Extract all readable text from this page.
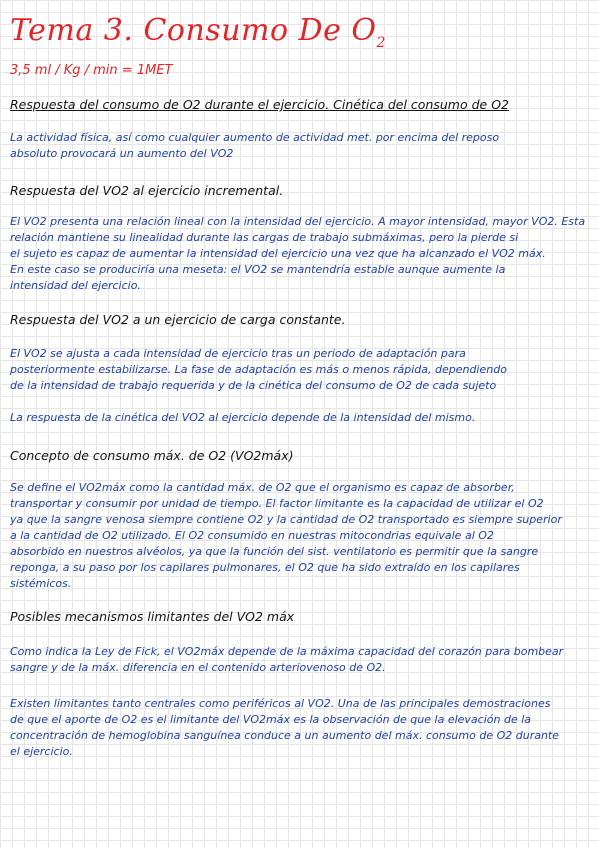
Tema 3. Consumo De $O_2$
3,5 ml / Kg / min = 1MET
Respuesta del consumo de O2 durante el ejercicio. Cinética del consumo de O2
La actividad física, así como cualquier aumento de actividad met. por encima del reposo
absoluto provocará un aumento del VO2
Respuesta del VO2 al ejercicio incremental.
El VO2 presenta una relación lineal con la intensidad del ejercicio. A mayor intensidad, mayor VO2. Esta
relación mantiene su linealidad durante las cargas de trabajo submáximas, pero la pierde si
el sujeto es capaz de aumentar la intensidad del ejercicio una vez que ha alcanzado el VO2 máx.
En este caso se produciría una meseta: el VO2 se mantendría estable aunque aumente la
intensidad del ejercicio.
Respuesta del VO2 a un ejercicio de carga constante.
El VO2 se ajusta a cada intensidad de ejercicio tras un periodo de adaptación para
posteriormente estabilizarse. La fase de adaptación es más o menos rápida, dependiendo
de la intensidad de trabajo requerida y de la cinética del consumo de O2 de cada sujeto
La respuesta de la cinética del VO2 al ejercicio depende de la intensidad del mismo.
Concepto de consumo máx. de O2 (VO2máx)
Se define el VO2máx como la cantidad máx. de O2 que el organismo es capaz de absorber,
transportar y consumir por unidad de tiempo. El factor limitante es la capacidad de utilizar el O2
ya que la sangre venosa siempre contiene O2 y la cantidad de O2 transportado es siempre superior
a la cantidad de O2 utilizado. El O2 consumido en nuestras mitocondrias equivale al O2
absorbido en nuestros alvéolos, ya que la función del sist. ventilatorio es permitir que la sangre
reponga, a su paso por los capilares pulmonares, el O2 que ha sido extraído en los capilares
sistémicos.
Posibles mecanismos limitantes del VO2 máx
Como indica la Ley de Fick, el VO2máx depende de la máxima capacidad del corazón para bombear
sangre y de la máx. diferencia en el contenido arteriovenoso de O2.
Existen limitantes tanto centrales como periféricos al VO2. Una de las principales demostraciones
de que el aporte de O2 es el limitante del VO2máx es la observación de que la elevación de la
concentración de hemoglobina sanguínea conduce a un aumento del máx. consumo de O2 durante
el ejercicio.
